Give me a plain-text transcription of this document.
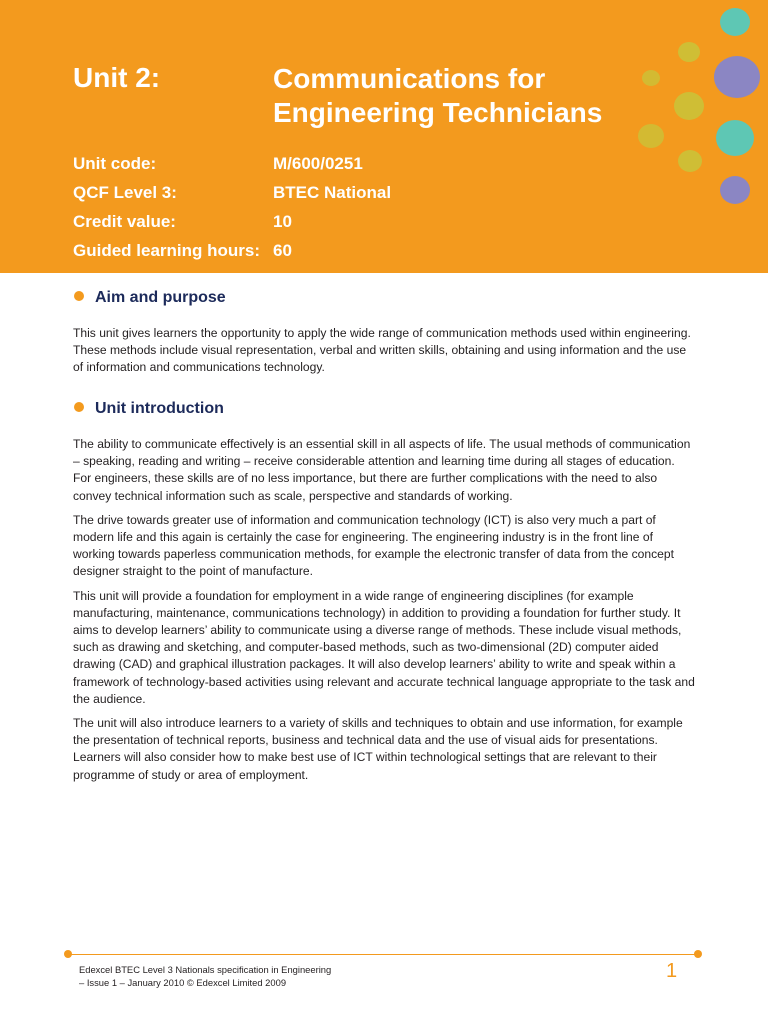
Unit 2:	Communications for Engineering Technicians
Unit code:	M/600/0251
QCF Level 3:	BTEC National
Credit value:	10
Guided learning hours: 60
Aim and purpose

This unit gives learners the opportunity to apply the wide range of communication methods used within engineering. These methods include visual representation, verbal and written skills, obtaining and using information and the use of information and communications technology.

Unit introduction

The ability to communicate effectively is an essential skill in all aspects of life. The usual methods of communication – speaking, reading and writing – receive considerable attention and learning time during all stages of education. For engineers, these skills are of no less importance, but there are further complications with the need to also convey technical information such as scale, perspective and standards of working.

The drive towards greater use of information and communication technology (ICT) is also very much a part of modern life and this again is certainly the case for engineering. The engineering industry is in the front line of working towards paperless communication methods, for example the electronic transfer of data from the concept designer straight to the point of manufacture.

This unit will provide a foundation for employment in a wide range of engineering disciplines (for example manufacturing, maintenance, communications technology) in addition to providing a foundation for further study. It aims to develop learners’ ability to communicate using a diverse range of methods. These include visual methods, such as drawing and sketching, and computer-based methods, such as two-dimensional (2D) computer aided drawing (CAD) and graphical illustration packages. It will also develop learners’ ability to write and speak within a framework of technology-based activities using relevant and accurate technical language appropriate to the task and the audience.

The unit will also introduce learners to a variety of skills and techniques to obtain and use information, for example the presentation of technical reports, business and technical data and the use of visual aids for presentations. Learners will also consider how to make best use of ICT within technological settings that are relevant to their programme of study or area of employment.

Edexcel BTEC Level 3 Nationals specification in Engineering
– Issue 1 – January 2010 © Edexcel Limited 2009
1
